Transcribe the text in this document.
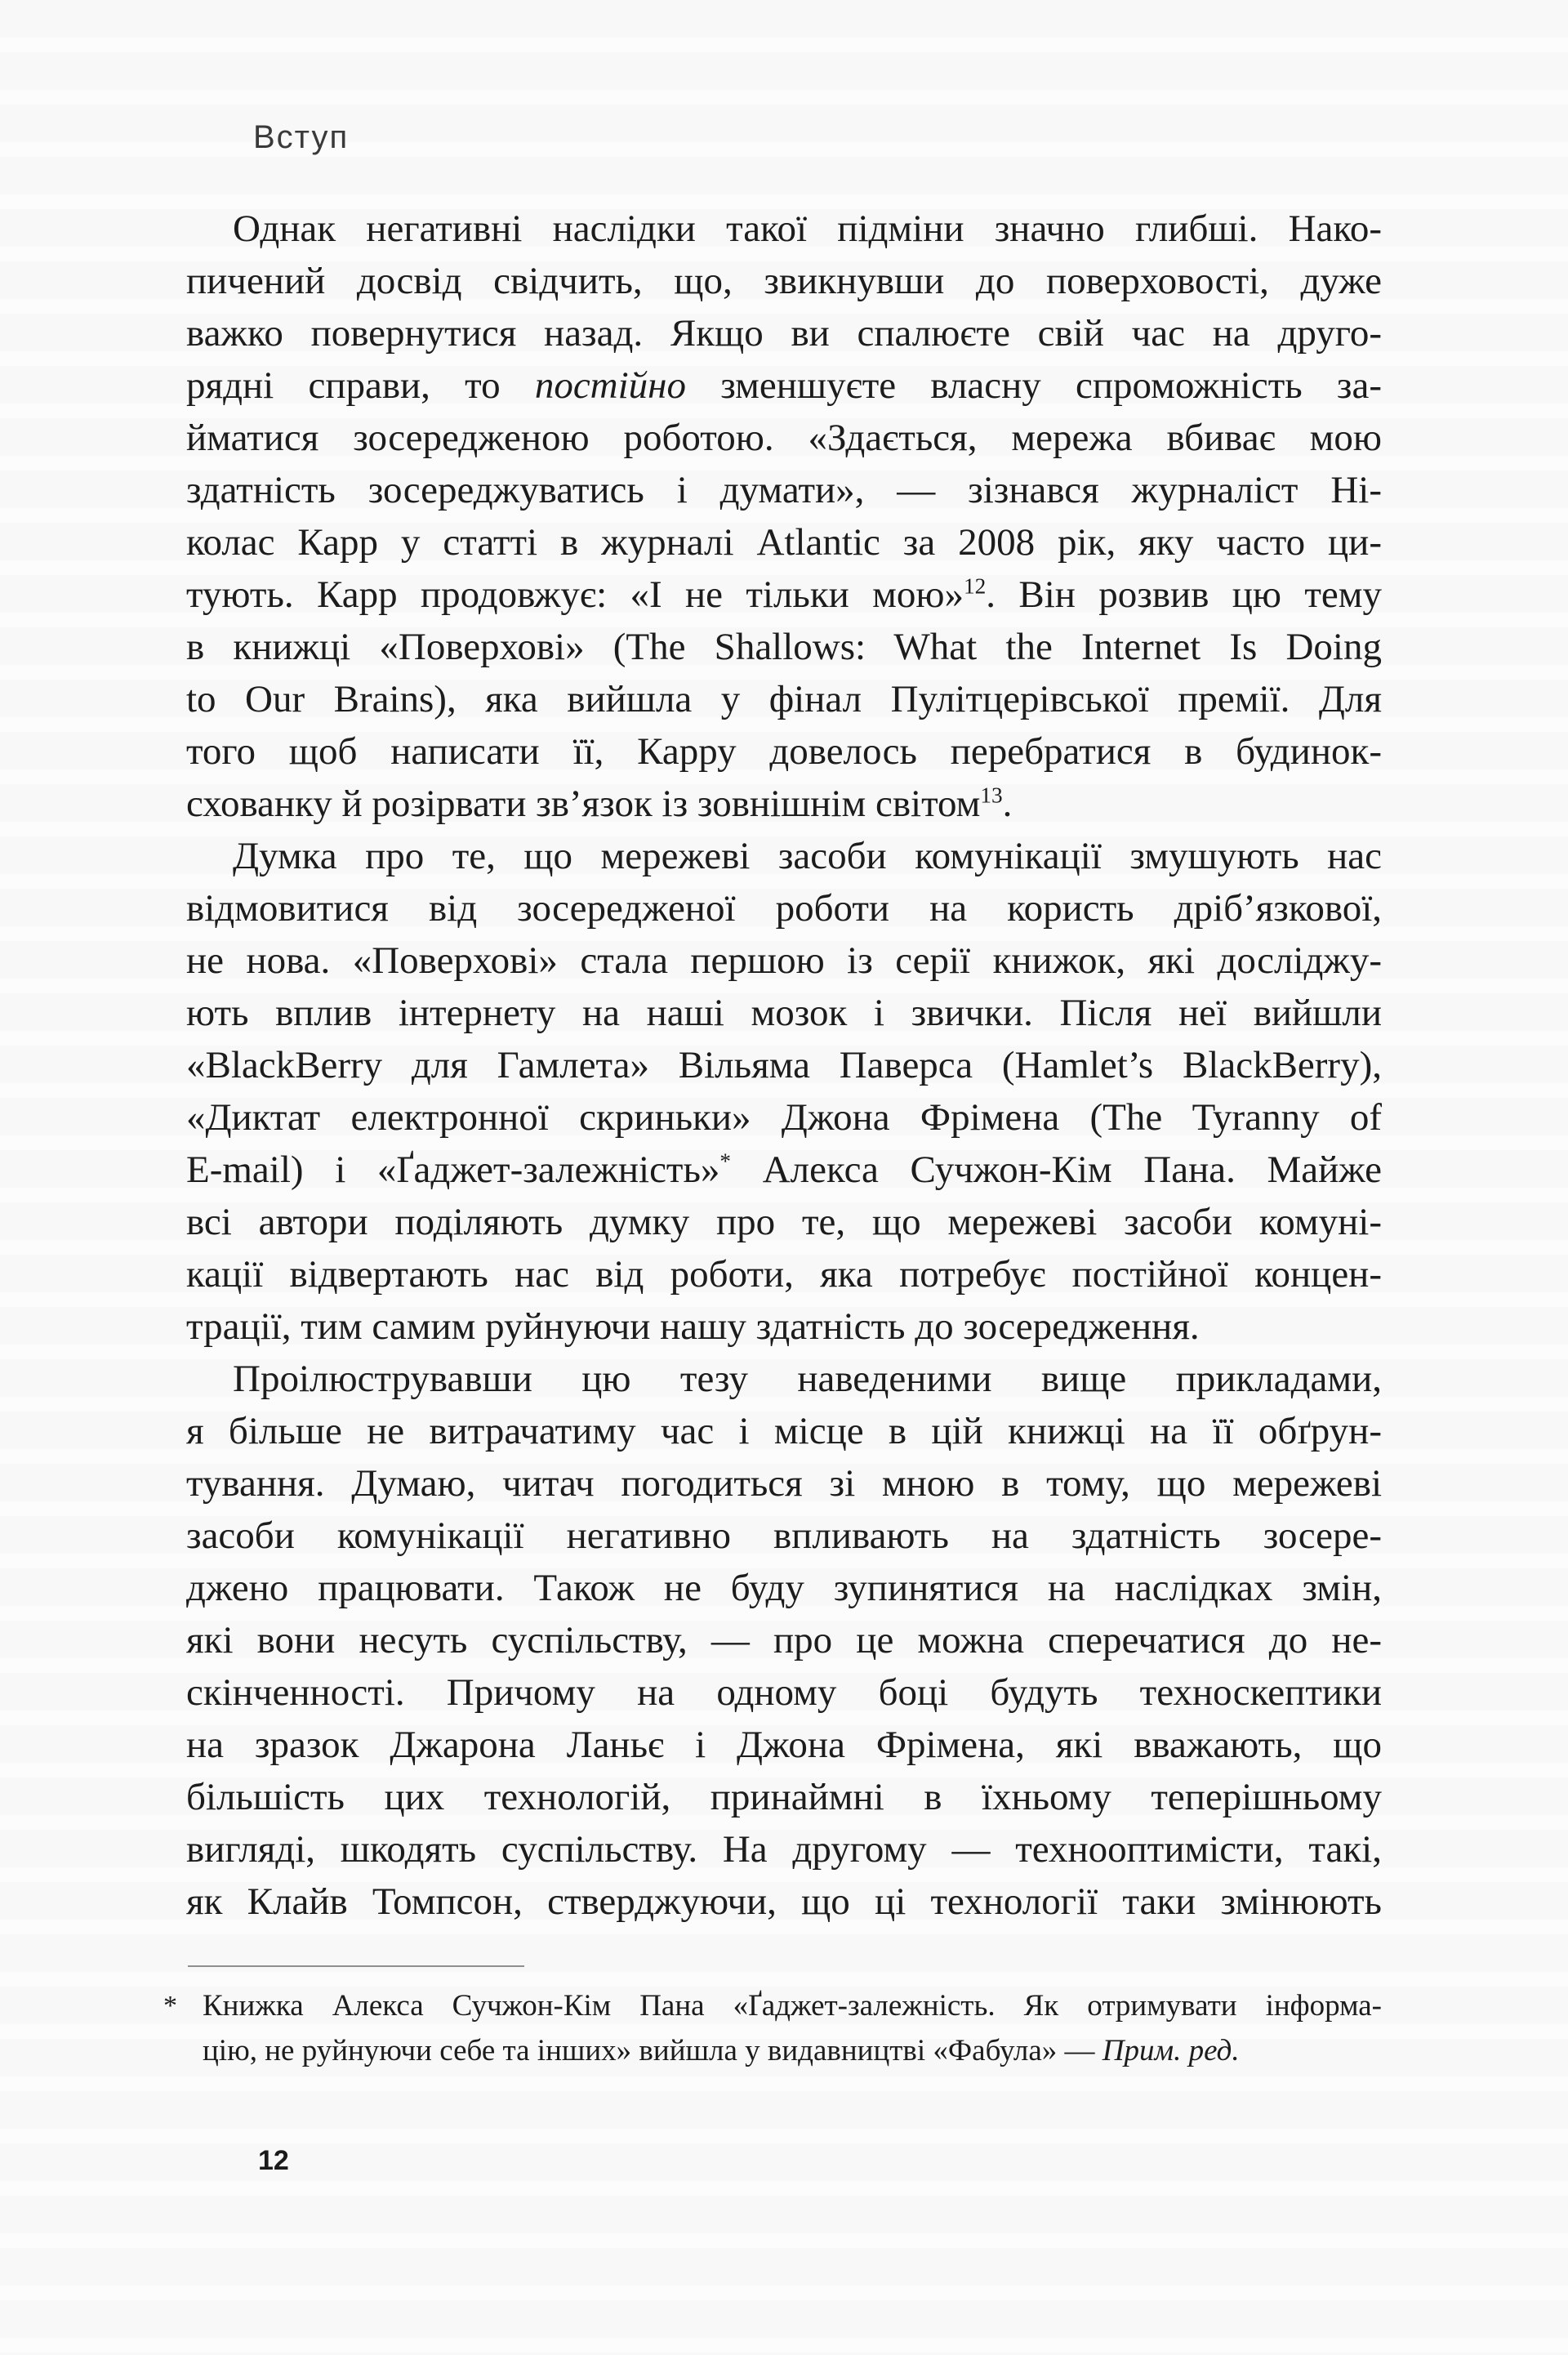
Вступ
Однак негативні наслідки такої підміни значно глибші. Нако-
пичений досвід свідчить, що, звикнувши до поверховості, дуже
важко повернутися назад. Якщо ви спалюєте свій час на друго-
рядні справи, то постійно зменшуєте власну спроможність за-
йматися зосередженою роботою. «Здається, мережа вбиває мою
здатність зосереджуватись і думати», — зізнався журналіст Ні-
колас Карр у статті в журналі Atlantic за 2008 рік, яку часто ци-
тують. Карр продовжує: «І не тільки мою»$^{12}$. Він розвив цю тему
в книжці «Поверхові» (The Shallows: What the Internet Is Doing
to Our Brains), яка вийшла у фінал Пулітцерівської премії. Для
того щоб написати її, Карру довелось перебратися в будинок-
схованку й розірвати зв’язок із зовнішнім світом$^{13}$.
Думка про те, що мережеві засоби комунікації змушують нас
відмовитися від зосередженої роботи на користь дріб’язкової,
не нова. «Поверхові» стала першою із серії книжок, які досліджу-
ють вплив інтернету на наші мозок і звички. Після неї вийшли
«BlackBerry для Гамлета» Вільяма Паверса (Hamlet’s BlackBerry),
«Диктат електронної скриньки» Джона Фрімена (The Tyranny of
E-mail) і «Ґаджет-залежність»* Алекса Сучжон-Кім Пана. Майже
всі автори поділяють думку про те, що мережеві засоби комуні-
кації відвертають нас від роботи, яка потребує постійної концен-
трації, тим самим руйнуючи нашу здатність до зосередження.
Проілюструвавши цю тезу наведеними вище прикладами,
я більше не витрачатиму час і місце в цій книжці на її обґрун-
тування. Думаю, читач погодиться зі мною в тому, що мережеві
засоби комунікації негативно впливають на здатність зосере-
джено працювати. Також не буду зупинятися на наслідках змін,
які вони несуть суспільству, — про це можна сперечатися до не-
скінченності. Причому на одному боці будуть техноскептики
на зразок Джарона Ланьє і Джона Фрімена, які вважають, що
більшість цих технологій, принаймні в їхньому теперішньому
вигляді, шкодять суспільству. На другому — технооптимісти, такі,
як Клайв Томпсон, стверджуючи, що ці технології таки змінюють
* Книжка Алекса Сучжон-Кім Пана «Ґаджет-залежність. Як отримувати інформа-
цію, не руйнуючи себе та інших» вийшла у видавництві «Фабула» — Прим. ред.
12
